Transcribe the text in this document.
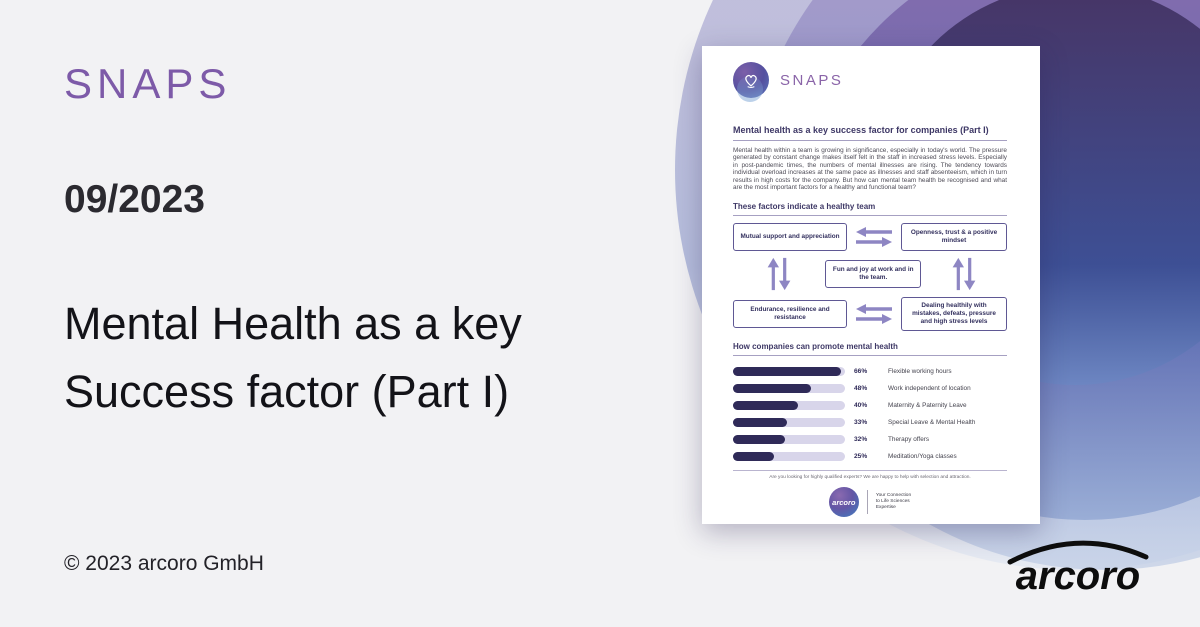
SNAPS
09/2023
Mental Health as a key
Success factor (Part I)
© 2023 arcoro GmbH	arcoro
SNAPS
Mental health as a key success factor for companies (Part I)

Mental health within a team is growing in significance, especially in today's world. The pressure generated by constant change makes itself felt in the staff in increased stress levels. Especially in post-pandemic times, the numbers of mental illnesses are rising. The tendency towards individual overload increases at the same pace as illnesses and staff absenteeism, which in turn results in high costs for the company. But how can mental team health be recognised and what are the most important factors for a healthy and functional team?

These factors indicate a healthy team
Mutual support and appreciation
Openness, trust & a positive mindset
Fun and joy at work and in the team.
Endurance, resilience and resistance
Dealing healthily with mistakes, defeats, pressure and high stress levels
How companies can promote mental health
66%	Flexible working hours
48%	Work independent of location
40%	Maternity & Paternity Leave
33%	Special Leave & Mental Health
32%	Therapy offers
25%	Meditation/Yoga classes
Are you looking for highly qualified experts? We are happy to help with selection and attraction.
arcoro
Your Connection
to Life Sciences
Expertise
